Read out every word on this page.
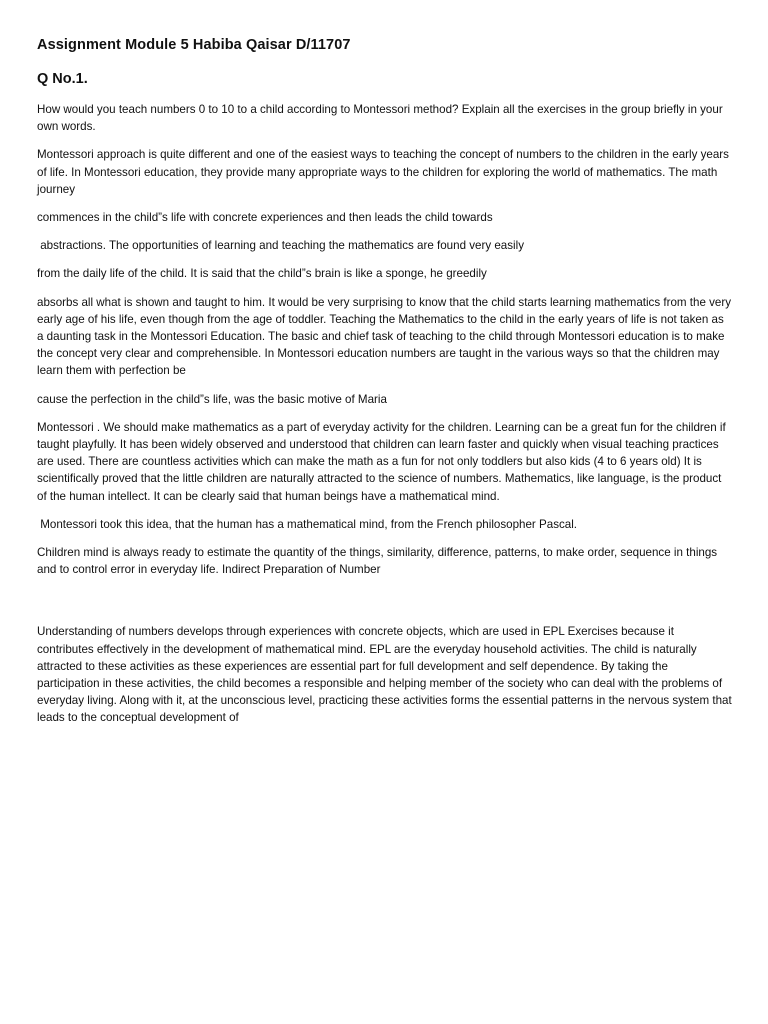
Assignment Module 5 Habiba Qaisar D/11707
Q No.1.

How would you teach numbers 0 to 10 to a child according to Montessori method? Explain all the exercises in the group briefly in your own words.

Montessori approach is quite different and one of the easiest ways to teaching the concept of numbers to the children in the early years of life. In Montessori education, they provide many appropriate ways to the children for exploring the world of mathematics. The math journey

commences in the child”s life with concrete experiences and then leads the child towards

abstractions. The opportunities of learning and teaching the mathematics are found very easily

from the daily life of the child. It is said that the child”s brain is like a sponge, he greedily

absorbs all what is shown and taught to him. It would be very surprising to know that the child starts learning mathematics from the very early age of his life, even though from the age of toddler. Teaching the Mathematics to the child in the early years of life is not taken as a daunting task in the Montessori Education. The basic and chief task of teaching to the child through Montessori education is to make the concept very clear and comprehensible. In Montessori education numbers are taught in the various ways so that the children may learn them with perfection be

cause the perfection in the child”s life, was the basic motive of Maria

Montessori . We should make mathematics as a part of everyday activity for the children. Learning can be a great fun for the children if taught playfully. It has been widely observed and understood that children can learn faster and quickly when visual teaching practices are used. There are countless activities which can make the math as a fun for not only toddlers but also kids (4 to 6 years old) It is scientifically proved that the little children are naturally attracted to the science of numbers. Mathematics, like language, is the product of the human intellect. It can be clearly said that human beings have a mathematical mind.

Montessori took this idea, that the human has a mathematical mind, from the French philosopher Pascal.

Children mind is always ready to estimate the quantity of the things, similarity, difference, patterns, to make order, sequence in things and to control error in everyday life. Indirect Preparation of Number

Understanding of numbers develops through experiences with concrete objects, which are used in EPL Exercises because it contributes effectively in the development of mathematical mind. EPL are the everyday household activities. The child is naturally attracted to these activities as these experiences are essential part for full development and self dependence. By taking the  participation in these activities, the child becomes a responsible and helping member of the society who can deal with the problems of everyday living. Along with it, at the unconscious level, practicing these activities forms the essential patterns in the nervous system that leads to the conceptual development of
